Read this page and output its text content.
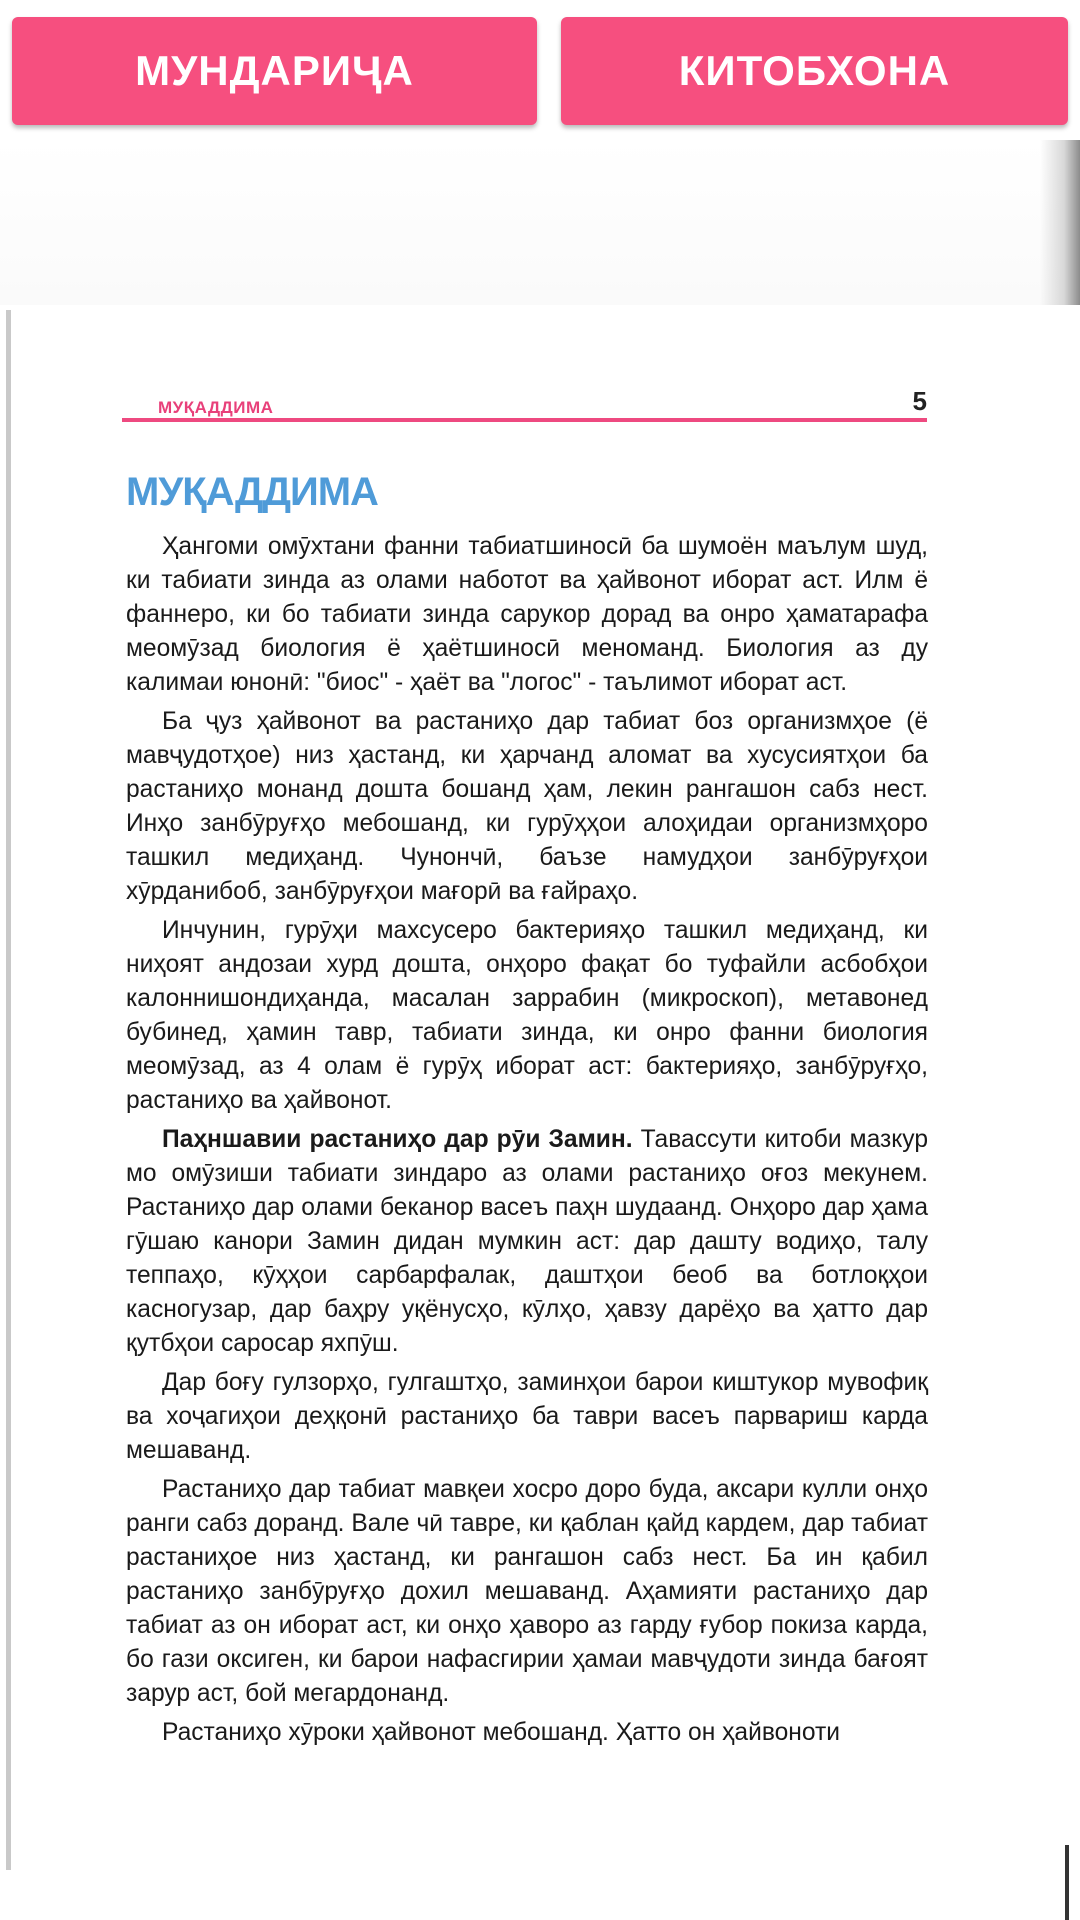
МУНДАРИҶА	КИТОБХОНА
МУҚАДДИМА	5
МУҚАДДИМА

Ҳангоми омӯхтани фанни табиатшиносӣ ба шумоён маълум шуд, ки табиати зинда аз олами наботот ва ҳайвонот иборат аст. Илм ё фаннеро, ки бо табиати зинда сарукор дорад ва онро ҳаматарафа меомӯзад биология ё ҳаётшиносӣ меноманд. Биология аз ду калимаи юнонӣ: "биос" - ҳаёт ва "логос" - таълимот иборат аст.

Ба ҷуз ҳайвонот ва растаниҳо дар табиат боз организмҳое (ё мавҷудотҳое) низ ҳастанд, ки ҳарчанд аломат ва хусусиятҳои ба растаниҳо монанд дошта бошанд ҳам, лекин рангашон сабз нест. Инҳо занбӯруғҳо мебошанд, ки гурӯҳҳои алоҳидаи организмҳоро ташкил медиҳанд. Чунончӣ, баъзе намудҳои занбӯруғҳои хӯрданибоб, занбӯруғҳои мағорӣ ва ғайраҳо.

Инчунин, гурӯҳи махсусеро бактерияҳо ташкил медиҳанд, ки ниҳоят андозаи хурд дошта, онҳоро фақат бо туфайли асбобҳои калоннишондиҳанда, масалан заррабин (микроскоп), метавонед бубинед, ҳамин тавр, табиати зинда, ки онро фанни биология меомӯзад, аз 4 олам ё гурӯҳ иборат аст: бактерияҳо, занбӯруғҳо, растаниҳо ва ҳайвонот.

Паҳншавии растаниҳо дар рӯи Замин. Тавассути китоби мазкур мо омӯзиши табиати зиндаро аз олами растаниҳо оғоз мекунем. Растаниҳо дар олами беканор васеъ паҳн шудаанд. Онҳоро дар ҳама гӯшаю канори Замин дидан мумкин аст: дар дашту водиҳо, талу теппаҳо, кӯҳҳои сарбарфалак, даштҳои беоб ва ботлоқҳои касногузар, дар баҳру уқёнусҳо, кӯлҳо, ҳавзу дарёҳо ва ҳатто дар қутбҳои саросар яхпӯш.

Дар боғу гулзорҳо, гулгаштҳо, заминҳои барои киштукор мувофиқ ва хоҷагиҳои деҳқонӣ растаниҳо ба таври васеъ парвариш карда мешаванд.

Растаниҳо дар табиат мавқеи хосро доро буда, аксари кулли онҳо ранги сабз доранд. Вале чӣ тавре, ки қаблан қайд кардем, дар табиат растаниҳое низ ҳастанд, ки рангашон сабз нест. Ба ин қабил растаниҳо занбӯруғҳо дохил мешаванд. Аҳамияти растаниҳо дар табиат аз он иборат аст, ки онҳо ҳаворо аз гарду ғубор покиза карда, бо гази оксиген, ки барои нафасгирии ҳамаи мавҷудоти зинда бағоят зарур аст, бой мегардонанд.

Растаниҳо хӯроки ҳайвонот мебошанд. Ҳатто он ҳайвоноти
